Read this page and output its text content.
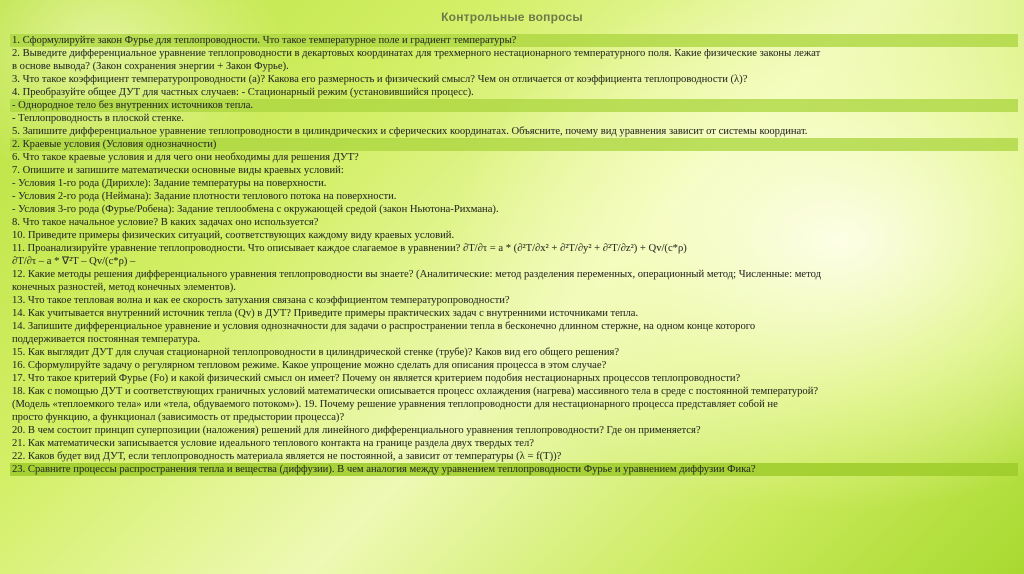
Контрольные вопросы
1. Сформулируйте закон Фурье для теплопроводности. Что такое температурное поле и градиент температуры?
2. Выведите дифференциальное уравнение теплопроводности в декартовых координатах для трехмерного нестационарного температурного поля. Какие физические законы лежат
в основе вывода? (Закон сохранения энергии + Закон Фурье).
3. Что такое коэффициент температуропроводности (a)? Какова его размерность и физический смысл? Чем он отличается от коэффициента теплопроводности (λ)?
4. Преобразуйте общее ДУТ для частных случаев: - Стационарный режим (установившийся процесс).
- Однородное тело без внутренних источников тепла.
- Теплопроводность в плоской стенке.
5. Запишите дифференциальное уравнение теплопроводности в цилиндрических и сферических координатах. Объясните, почему вид уравнения зависит от системы координат.
2. Краевые условия (Условия однозначности)
6. Что такое краевые условия и для чего они необходимы для решения ДУТ?
7. Опишите и запишите математически основные виды краевых условий:
- Условия 1-го рода (Дирихле): Задание температуры на поверхности.
- Условия 2-го рода (Неймана): Задание плотности теплового потока на поверхности.
- Условия 3-го рода (Фурье/Робена): Задание теплообмена с окружающей средой (закон Ньютона-Рихмана).
8. Что такое начальное условие? В каких задачах оно используется?
10. Приведите примеры физических ситуаций, соответствующих каждому виду краевых условий.
11. Проанализируйте уравнение теплопроводности. Что описывает каждое слагаемое в уравнении? ∂T/∂τ = a * (∂²T/∂x² + ∂²T/∂y² + ∂²T/∂z²) + Qv/(c*ρ)
∂T/∂τ – a * ∇²T – Qv/(c*ρ) –
12. Какие методы решения дифференциального уравнения теплопроводности вы знаете? (Аналитические: метод разделения переменных, операционный метод; Численные: метод
конечных разностей, метод конечных элементов).
13. Что такое тепловая волна и как ее скорость затухания связана с коэффициентом температуропроводности?
14. Как учитывается внутренний источник тепла (Qv) в ДУТ? Приведите примеры практических задач с внутренними источниками тепла.
14. Запишите дифференциальное уравнение и условия однозначности для задачи о распространении тепла в бесконечно длинном стержне, на одном конце которого
поддерживается постоянная температура.
15. Как выглядит ДУТ для случая стационарной теплопроводности в цилиндрической стенке (трубе)? Каков вид его общего решения?
16. Сформулируйте задачу о регулярном тепловом режиме. Какое упрощение можно сделать для описания процесса в этом случае?
17. Что такое критерий Фурье (Fo) и какой физический смысл он имеет? Почему он является критерием подобия нестационарных процессов теплопроводности?
18. Как с помощью ДУТ и соответствующих граничных условий математически описывается процесс охлаждения (нагрева) массивного тела в среде с постоянной температурой?
(Модель «теплоемкого тела» или «тела, обдуваемого потоком»). 19. Почему решение уравнения теплопроводности для нестационарного процесса представляет собой не
просто функцию, а функционал (зависимость от предыстории процесса)?
20. В чем состоит принцип суперпозиции (наложения) решений для линейного дифференциального уравнения теплопроводности? Где он применяется?
21. Как математически записывается условие идеального теплового контакта на границе раздела двух твердых тел?
22. Каков будет вид ДУТ, если теплопроводность материала является не постоянной, а зависит от температуры (λ = f(T))?
23. Сравните процессы распространения тепла и вещества (диффузии). В чем аналогия между уравнением теплопроводности Фурье и уравнением диффузии Фика?
